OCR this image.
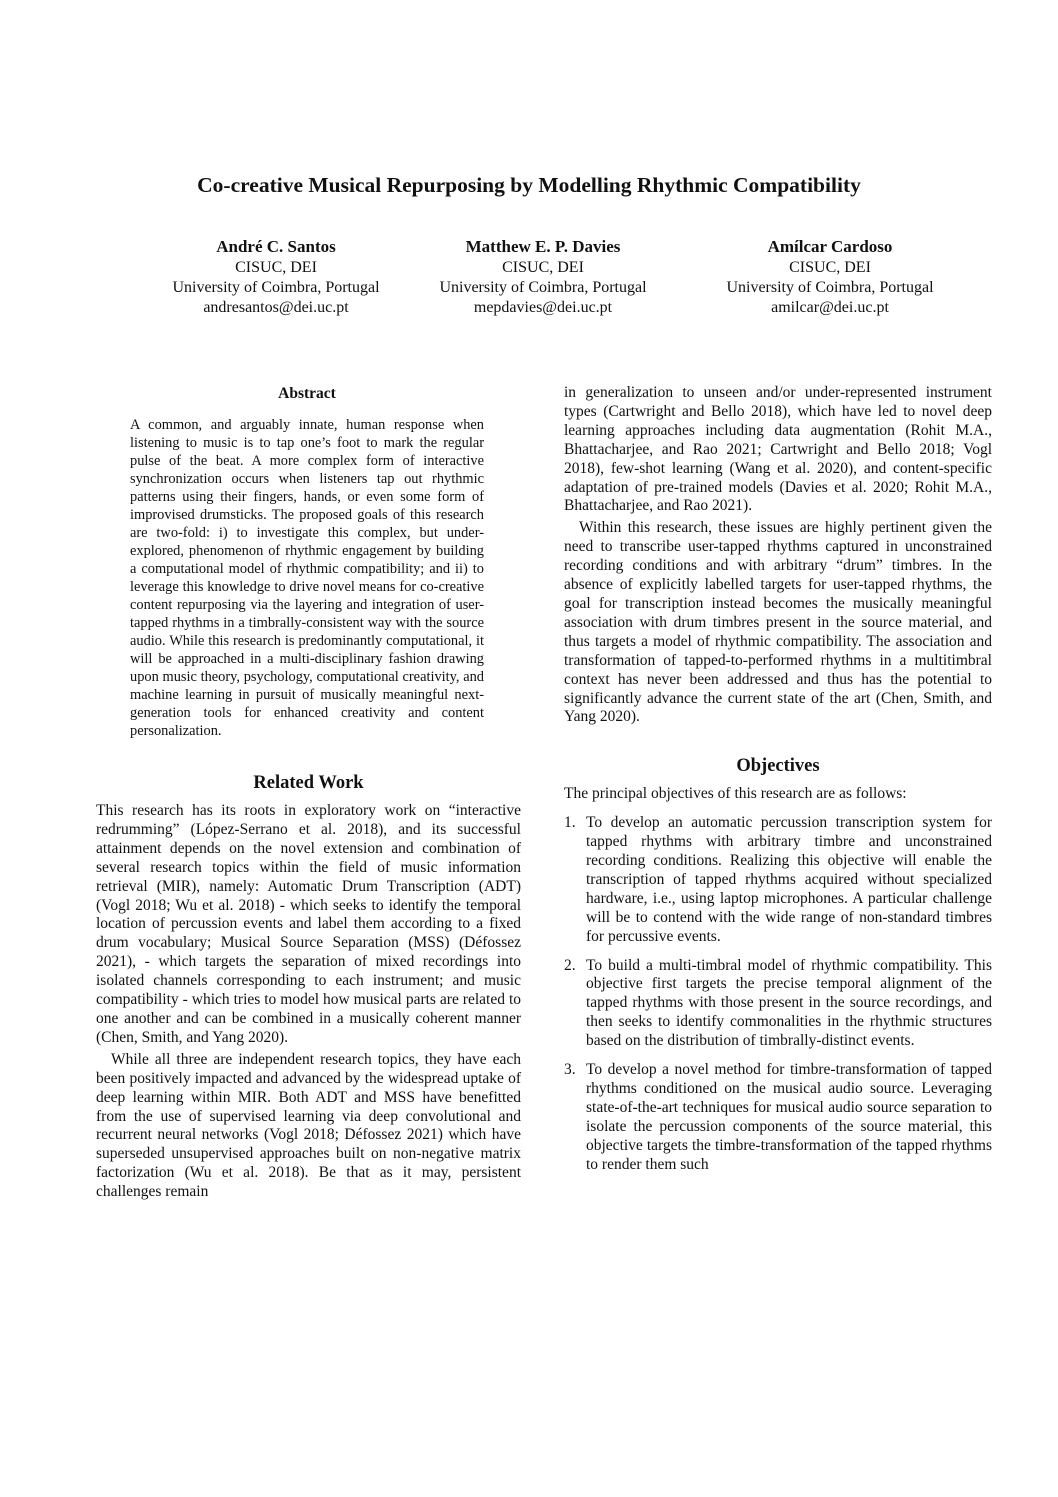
Co-creative Musical Repurposing by Modelling Rhythmic Compatibility
André C. Santos
CISUC, DEI
University of Coimbra, Portugal
andresantos@dei.uc.pt
Matthew E. P. Davies
CISUC, DEI
University of Coimbra, Portugal
mepdavies@dei.uc.pt
Amílcar Cardoso
CISUC, DEI
University of Coimbra, Portugal
amilcar@dei.uc.pt
Abstract

A common, and arguably innate, human response when listening to music is to tap one’s foot to mark the regular pulse of the beat. A more complex form of interactive synchronization occurs when listeners tap out rhythmic patterns using their fingers, hands, or even some form of improvised drumsticks. The proposed goals of this research are two-fold: i) to investigate this complex, but under-explored, phenomenon of rhythmic engagement by building a computational model of rhythmic compatibility; and ii) to leverage this knowledge to drive novel means for co-creative content repurposing via the layering and integration of user-tapped rhythms in a timbrally-consistent way with the source audio. While this research is predominantly computational, it will be approached in a multi-disciplinary fashion drawing upon music theory, psychology, computational creativity, and machine learning in pursuit of musically meaningful next-generation tools for enhanced creativity and content personalization.

Related Work

This research has its roots in exploratory work on “interactive redrumming” (López-Serrano et al. 2018), and its successful attainment depends on the novel extension and combination of several research topics within the field of music information retrieval (MIR), namely: Automatic Drum Transcription (ADT) (Vogl 2018; Wu et al. 2018) - which seeks to identify the temporal location of percussion events and label them according to a fixed drum vocabulary; Musical Source Separation (MSS) (Défossez 2021), - which targets the separation of mixed recordings into isolated channels corresponding to each instrument; and music compatibility - which tries to model how musical parts are related to one another and can be combined in a musically coherent manner (Chen, Smith, and Yang 2020).

While all three are independent research topics, they have each been positively impacted and advanced by the widespread uptake of deep learning within MIR. Both ADT and MSS have benefitted from the use of supervised learning via deep convolutional and recurrent neural networks (Vogl 2018; Défossez 2021) which have superseded unsupervised approaches built on non-negative matrix factorization (Wu et al. 2018). Be that as it may, persistent challenges remain

in generalization to unseen and/or under-represented instrument types (Cartwright and Bello 2018), which have led to novel deep learning approaches including data augmentation (Rohit M.A., Bhattacharjee, and Rao 2021; Cartwright and Bello 2018; Vogl 2018), few-shot learning (Wang et al. 2020), and content-specific adaptation of pre-trained models (Davies et al. 2020; Rohit M.A., Bhattacharjee, and Rao 2021).

Within this research, these issues are highly pertinent given the need to transcribe user-tapped rhythms captured in unconstrained recording conditions and with arbitrary “drum” timbres. In the absence of explicitly labelled targets for user-tapped rhythms, the goal for transcription instead becomes the musically meaningful association with drum timbres present in the source material, and thus targets a model of rhythmic compatibility. The association and transformation of tapped-to-performed rhythms in a multitimbral context has never been addressed and thus has the potential to significantly advance the current state of the art (Chen, Smith, and Yang 2020).

Objectives

The principal objectives of this research are as follows:

1. To develop an automatic percussion transcription system for tapped rhythms with arbitrary timbre and unconstrained recording conditions. Realizing this objective will enable the transcription of tapped rhythms acquired without specialized hardware, i.e., using laptop microphones. A particular challenge will be to contend with the wide range of non-standard timbres for percussive events.
2. To build a multi-timbral model of rhythmic compatibility. This objective first targets the precise temporal alignment of the tapped rhythms with those present in the source recordings, and then seeks to identify commonalities in the rhythmic structures based on the distribution of timbrally-distinct events.
3. To develop a novel method for timbre-transformation of tapped rhythms conditioned on the musical audio source. Leveraging state-of-the-art techniques for musical audio source separation to isolate the percussion components of the source material, this objective targets the timbre-transformation of the tapped rhythms to render them such
